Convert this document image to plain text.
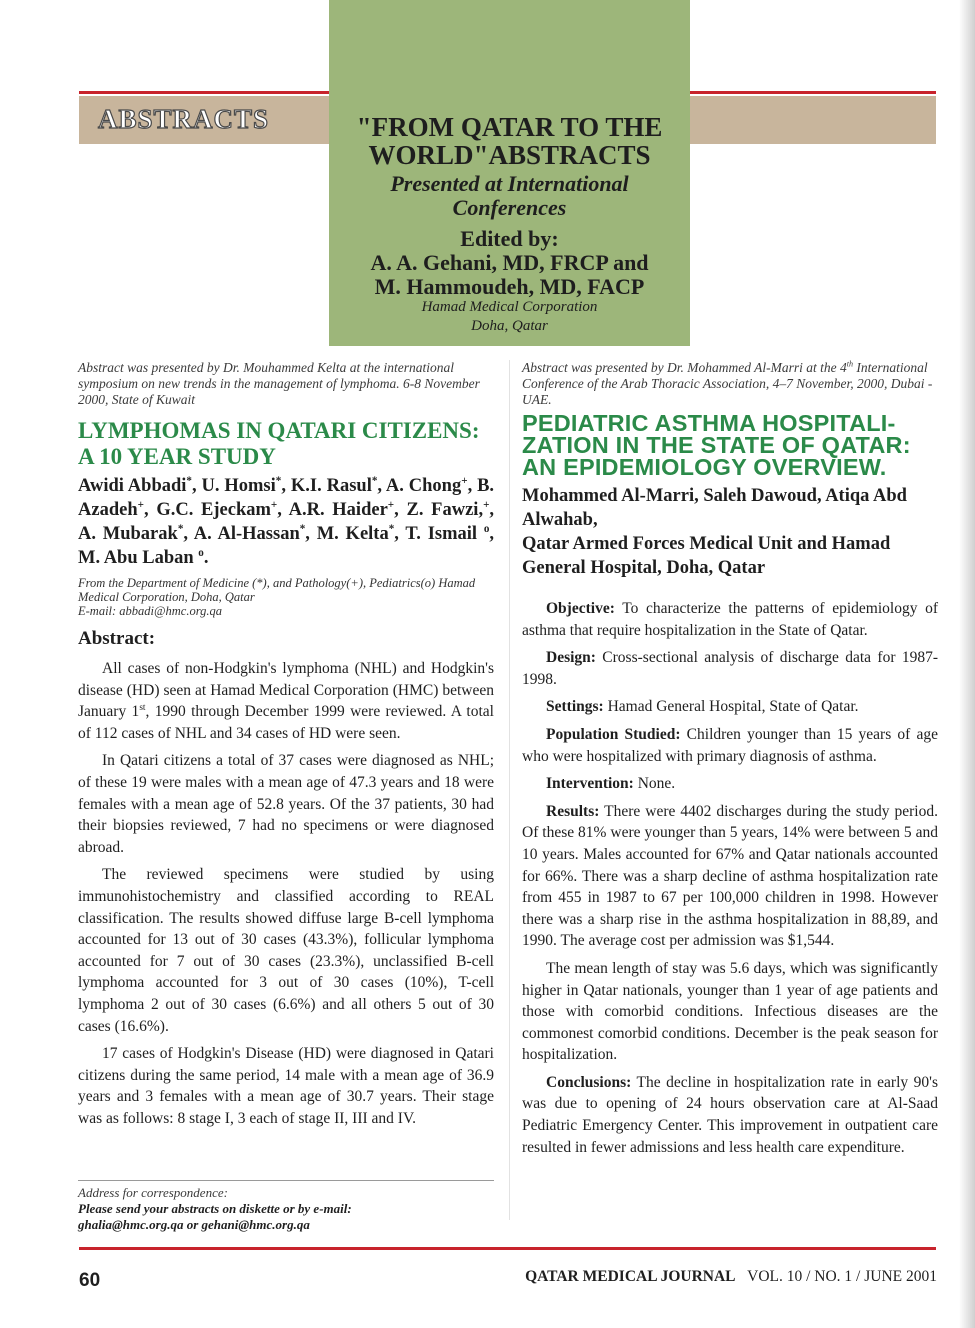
ABSTRACTS	"FROM QATAR TO THE
WORLD"ABSTRACTS
Presented at International
Conferences
Edited by:
A. A. Gehani, MD, FRCP and
M. Hammoudeh, MD, FACP
Hamad Medical Corporation
Doha, Qatar

Abstract was presented by Dr. Mouhammed Kelta at the international symposium on new trends in the management of lymphoma. 6-8 November 2000, State of Kuwait

LYMPHOMAS IN QATARI CITIZENS: A 10 YEAR STUDY

Awidi Abbadi*, U. Homsi*, K.I. Rasul*, A. Chong+, B. Azadeh+, G.C. Ejeckam+, A.R. Haider+, Z. Fawzi,+, A. Mubarak*, A. Al-Hassan*, M. Kelta*, T. Ismail $^o$, M. Abu Laban $^o$.

From the Department of Medicine (*), and Pathology(+), Pediatrics(o) Hamad Medical Corporation, Doha, Qatar
E-mail: abbadi@hmc.org.qa

Abstract:

All cases of non-Hodgkin's lymphoma (NHL) and Hodgkin's disease (HD) seen at Hamad Medical Corporation (HMC) between January 1st, 1990 through December 1999 were reviewed. A total of 112 cases of NHL and 34 cases of HD were seen.

In Qatari citizens a total of 37 cases were diagnosed as NHL; of these 19 were males with a mean age of 47.3 years and 18 were females with a mean age of 52.8 years. Of the 37 patients, 30 had their biopsies reviewed, 7 had no specimens or were diagnosed abroad.

The reviewed specimens were studied by using immunohistochemistry and classified according to REAL classification. The results showed diffuse large B-cell lymphoma accounted for 13 out of 30 cases (43.3%), follicular lymphoma accounted for 7 out of 30 cases (23.3%), unclassified B-cell lymphoma accounted for 3 out of 30 cases (10%), T-cell lymphoma 2 out of 30 cases (6.6%) and all others 5 out of 30 cases (16.6%).

17 cases of Hodgkin's Disease (HD) were diagnosed in Qatari citizens during the same period, 14 male with a mean age of 36.9 years and 3 females with a mean age of 30.7 years. Their stage was as follows: 8 stage I, 3 each of stage II, III and IV.

Address for correspondence:
Please send your abstracts on diskette or by e-mail:
ghalia@hmc.org.qa or gehani@hmc.org.qa

Abstract was presented by Dr. Mohammed Al-Marri at the 4th International Conference of the Arab Thoracic Association, 4–7 November, 2000, Dubai - UAE.

PEDIATRIC ASTHMA HOSPITALI-ZATION IN THE STATE OF QATAR: AN EPIDEMIOLOGY OVERVIEW.

Mohammed Al-Marri, Saleh Dawoud, Atiqa Abd Alwahab,

Qatar Armed Forces Medical Unit and Hamad General Hospital, Doha, Qatar

Objective: To characterize the patterns of epidemiology of asthma that require hospitalization in the State of Qatar.

Design: Cross-sectional analysis of discharge data for 1987-1998.

Settings: Hamad General Hospital, State of Qatar.

Population Studied: Children younger than 15 years of age who were hospitalized with primary diagnosis of asthma.

Intervention: None.

Results: There were 4402 discharges during the study period. Of these 81% were younger than 5 years, 14% were between 5 and 10 years. Males accounted for 67% and Qatar nationals accounted for 66%. There was a sharp decline of asthma hospitalization rate from 455 in 1987 to 67 per 100,000 children in 1998. However there was a sharp rise in the asthma hospitalization in 88,89, and 1990. The average cost per admission was $1,544.

The mean length of stay was 5.6 days, which was significantly higher in Qatar nationals, younger than 1 year of age patients and those with comorbid conditions. Infectious diseases are the commonest comorbid conditions. December is the peak season for hospitalization.

Conclusions: The decline in hospitalization rate in early 90's was due to opening of 24 hours observation care at Al-Saad Pediatric Emergency Center. This improvement in outpatient care resulted in fewer admissions and less health care expenditure.

60	QATAR MEDICAL JOURNAL VOL. 10 / NO. 1 / JUNE 2001
